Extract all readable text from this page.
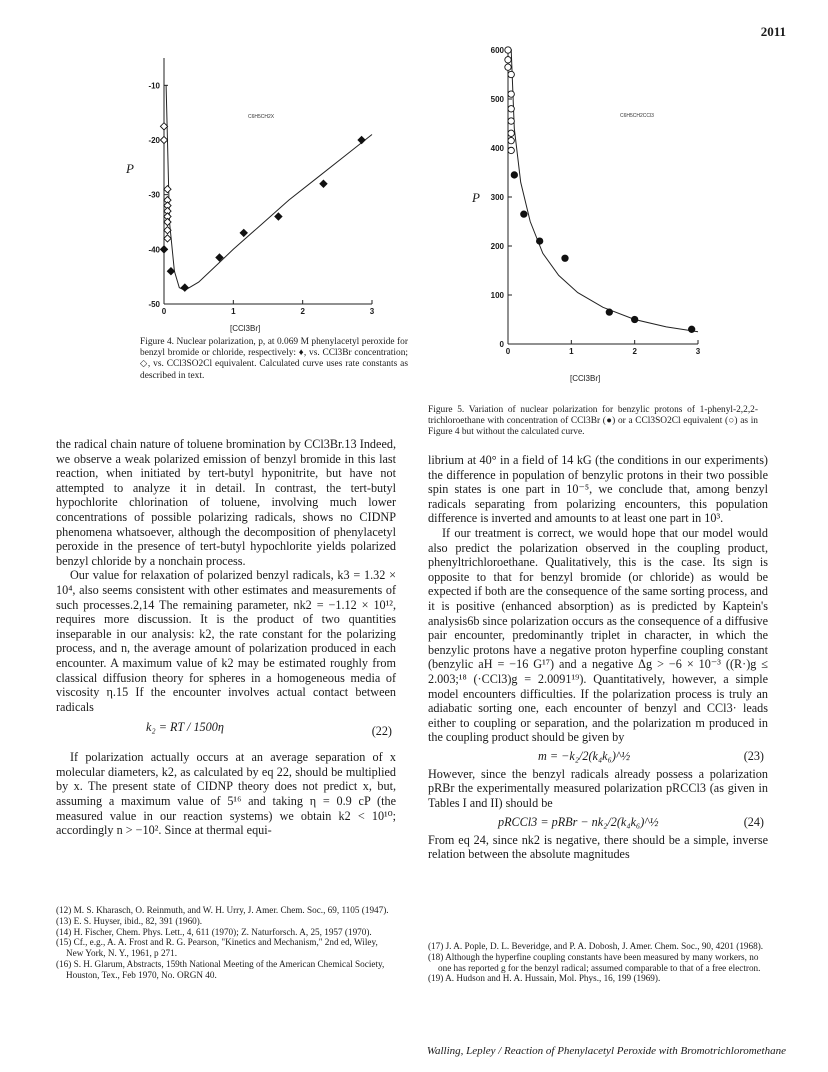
2011
C6H5CH2X
P
[CCl3Br]
-10
-20
-30
-40
-50
0	1	2	3
Figure 4. Nuclear polarization, p, at 0.069 M phenylacetyl peroxide for benzyl bromide or chloride, respectively: ♦, vs. CCl3Br concentration; ◇, vs. CCl3SO2Cl equivalent. Calculated curve uses rate constants as described in text.
C6H5CH2CCl3
P
[CCl3Br]
600
500
400
300
200
100
0
0	1	2	3
Figure 5. Variation of nuclear polarization for benzylic protons of 1-phenyl-2,2,2-trichloroethane with concentration of CCl3Br (●) or a CCl3SO2Cl equivalent (○) as in Figure 4 but without the calculated curve.

the radical chain nature of toluene bromination by CCl3Br.13 Indeed, we observe a weak polarized emission of benzyl bromide in this last reaction, when initiated by tert-butyl hyponitrite, but have not attempted to analyze it in detail. In contrast, the tert-butyl hypochlorite chlorination of toluene, involving much lower concentrations of possible polarizing radicals, shows no CIDNP phenomena whatsoever, although the decomposition of phenylacetyl peroxide in the presence of tert-butyl hypochlorite yields polarized benzyl chloride by a nonchain process.

Our value for relaxation of polarized benzyl radicals, k3 = 1.32 × 10⁴, also seems consistent with other estimates and measurements of such processes.2,14 The remaining parameter, nk2 = −1.12 × 10¹², requires more discussion. It is the product of two quantities inseparable in our analysis: k2, the rate constant for the polarizing process, and n, the average amount of polarization produced in each encounter. A maximum value of k2 may be estimated roughly from classical diffusion theory for spheres in a homogeneous media of viscosity η.15 If the encounter involves actual contact between radicals

k₂ = RT / 1500η	(22)

If polarization actually occurs at an average separation of x molecular diameters, k2, as calculated by eq 22, should be multiplied by x. The present state of CIDNP theory does not predict x, but, assuming a maximum value of 5¹⁶ and taking η = 0.9 cP (the measured value in our reaction systems) we obtain k2 < 10¹⁰; accordingly n > −10². Since at thermal equi-

librium at 40° in a field of 14 kG (the conditions in our experiments) the difference in population of benzylic protons in their two possible spin states is one part in 10⁻⁵, we conclude that, among benzyl radicals separating from polarizing encounters, this population difference is inverted and amounts to at least one part in 10³.

If our treatment is correct, we would hope that our model would also predict the polarization observed in the coupling product, phenyltrichloroethane. Qualitatively, this is the case. Its sign is opposite to that for benzyl bromide (or chloride) as would be expected if both are the consequence of the same sorting process, and it is positive (enhanced absorption) as is predicted by Kaptein's analysis6b since polarization occurs as the consequence of a diffusive pair encounter, predominantly triplet in character, in which the benzylic protons have a negative proton hyperfine coupling constant (benzylic aH = −16 G¹⁷) and a negative Δg > −6 × 10⁻³ ((R·)g ≤ 2.003;¹⁸ (·CCl3)g = 2.0091¹⁹). Quantitatively, however, a simple model encounters difficulties. If the polarization process is truly an adiabatic sorting one, each encounter of benzyl and CCl3· leads either to coupling or separation, and the polarization m produced in the coupling product should be given by

m = −k₂/2(k₄k₆)^½	(23)

However, since the benzyl radicals already possess a polarization pRBr the experimentally measured polarization pRCCl3 (as given in Tables I and II) should be

pRCCl3 = pRBr − nk₂/2(k₄k₆)^½	(24)

From eq 24, since nk2 is negative, there should be a simple, inverse relation between the absolute magnitudes

(12) M. S. Kharasch, O. Reinmuth, and W. H. Urry, J. Amer. Chem. Soc., 69, 1105 (1947).
(13) E. S. Huyser, ibid., 82, 391 (1960).
(14) H. Fischer, Chem. Phys. Lett., 4, 611 (1970); Z. Naturforsch. A, 25, 1957 (1970).
(15) Cf., e.g., A. A. Frost and R. G. Pearson, "Kinetics and Mechanism," 2nd ed, Wiley, New York, N. Y., 1961, p 271.
(16) S. H. Glarum, Abstracts, 159th National Meeting of the American Chemical Society, Houston, Tex., Feb 1970, No. ORGN 40.
(17) J. A. Pople, D. L. Beveridge, and P. A. Dobosh, J. Amer. Chem. Soc., 90, 4201 (1968).
(18) Although the hyperfine coupling constants have been measured by many workers, no one has reported g for the benzyl radical; assumed comparable to that of a free electron.
(19) A. Hudson and H. A. Hussain, Mol. Phys., 16, 199 (1969).
Walling, Lepley / Reaction of Phenylacetyl Peroxide with Bromotrichloromethane
